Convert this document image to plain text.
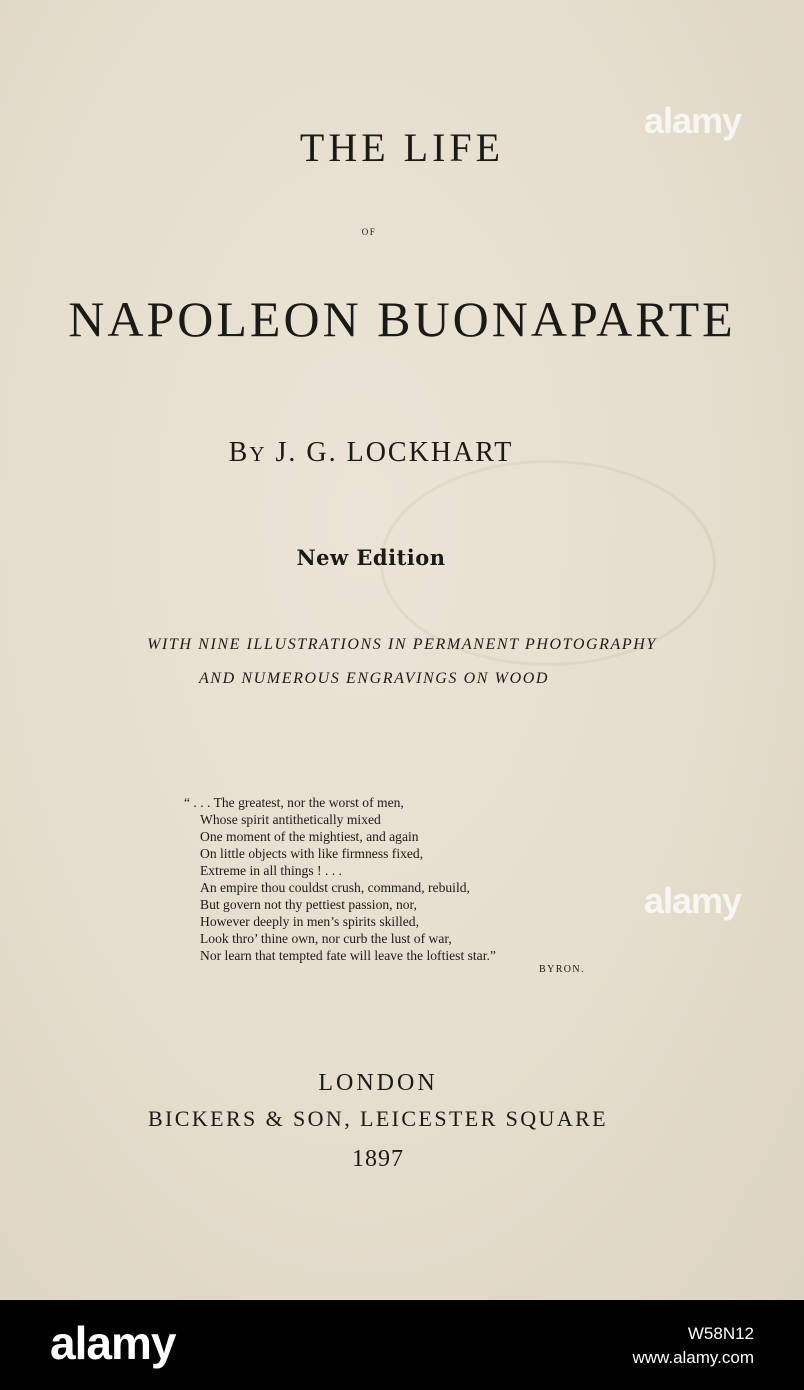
THE LIFE
OF
NAPOLEON BUONAPARTE
BY J. G. LOCKHART
New Edition
WITH NINE ILLUSTRATIONS IN PERMANENT PHOTOGRAPHY
AND NUMEROUS ENGRAVINGS ON WOOD
“ . . . The greatest, nor the worst of men,
Whose spirit antithetically mixed
One moment of the mightiest, and again
On little objects with like firmness fixed,
Extreme in all things ! . . .
An empire thou couldst crush, command, rebuild,
But govern not thy pettiest passion, nor,
However deeply in men’s spirits skilled,
Look thro’ thine own, nor curb the lust of war,
Nor learn that tempted fate will leave the loftiest star.”
BYRON.
LONDON
BICKERS & SON, LEICESTER SQUARE
1897
alamy
alamy
alamy	W58N12
www.alamy.com
